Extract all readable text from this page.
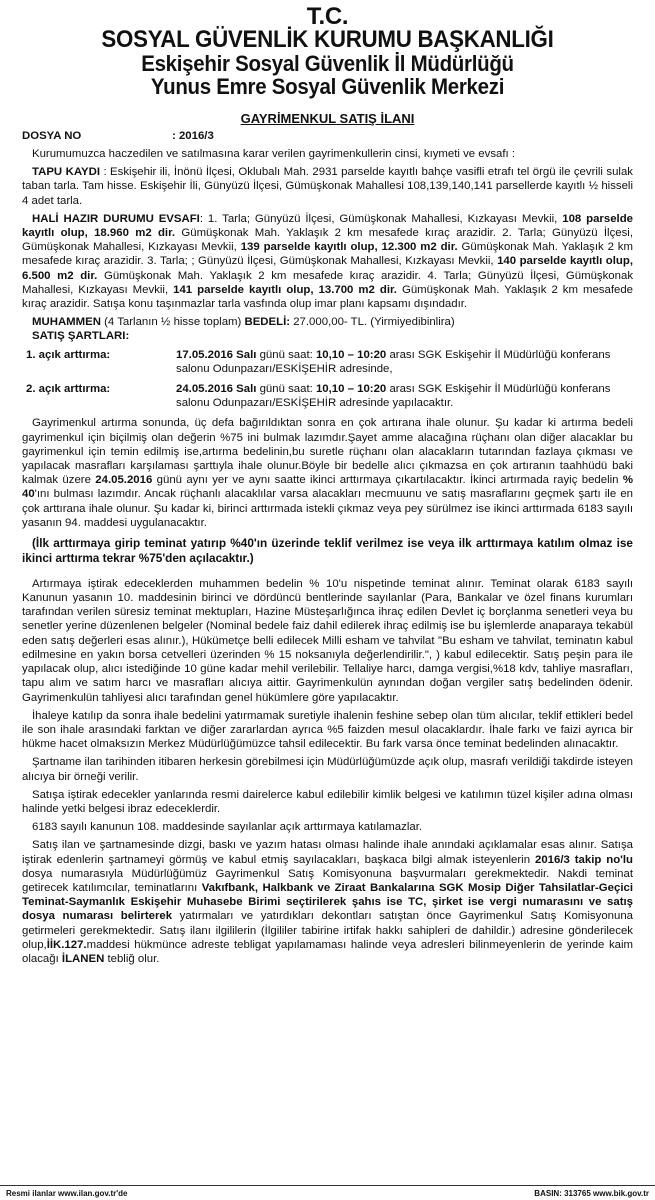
T.C.
SOSYAL GÜVENLİK KURUMU BAŞKANLIĞI
Eskişehir Sosyal Güvenlik İl Müdürlüğü
Yunus Emre Sosyal Güvenlik Merkezi
GAYRİMENKUL SATIŞ İLANI
DOSYA NO	: 2016/3

Kurumumuzca haczedilen ve satılmasına karar verilen gayrimenkullerin cinsi, kıymeti ve evsafı :

TAPU KAYDI : Eskişehir ili, İnönü İlçesi, Oklubalı Mah. 2931 parselde kayıtlı bahçe vasifli etrafı tel örgü ile çevrili sulak taban tarla. Tam hisse. Eskişehir İli, Günyüzü İlçesi, Gümüşkonak Mahallesi 108,139,140,141 parsellerde kayıtlı ½ hisseli 4 adet tarla.

HALİ HAZIR DURUMU EVSAFI: 1. Tarla; Günyüzü İlçesi, Gümüşkonak Mahallesi, Kızkayası Mevkii, 108 parselde kayıtlı olup, 18.960 m2 dir. Gümüşkonak Mah. Yaklaşık 2 km mesafede kıraç arazidir. 2. Tarla; Günyüzü İlçesi, Gümüşkonak Mahallesi, Kızkayası Mevkii, 139 parselde kayıtlı olup, 12.300 m2 dir. Gümüşkonak Mah. Yaklaşık 2 km mesafede kıraç arazidir. 3. Tarla; ; Günyüzü İlçesi, Gümüşkonak Mahallesi, Kızkayası Mevkii, 140 parselde kayıtlı olup, 6.500 m2 dir. Gümüşkonak Mah. Yaklaşık 2 km mesafede kıraç arazidir. 4. Tarla; Günyüzü İlçesi, Gümüşkonak Mahallesi, Kızkayası Mevkii, 141 parselde kayıtlı olup, 13.700 m2 dir. Gümüşkonak Mah. Yaklaşık 2 km mesafede kıraç arazidir. Satışa konu taşınmazlar tarla vasfında olup imar planı kapsamı dışındadır.

MUHAMMEN (4 Tarlanın ½ hisse toplam) BEDELİ: 27.000,00- TL. (Yirmiyedibinlira)

SATIŞ ŞARTLARI:

1. açık arttırma:	17.05.2016 Salı günü saat: 10,10 – 10:20 arası SGK Eskişehir İl Müdürlüğü konferans salonu Odunpazarı/ESKİŞEHİR adresinde,
2. açık arttırma:	24.05.2016 Salı günü saat: 10,10 – 10:20 arası SGK Eskişehir İl Müdürlüğü konferans salonu Odunpazarı/ESKİŞEHİR adresinde yapılacaktır.

Gayrimenkul artırma sonunda, üç defa bağırıldıktan sonra en çok artırana ihale olunur. Şu kadar ki artırma bedeli gayrimenkul için biçilmiş olan değerin %75 ini bulmak lazımdır.Şayet amme alacağına rüçhanı olan diğer alacaklar bu gayrimenkul için temin edilmiş ise,artırma bedelinin,bu suretle rüçhanı olan alacakların tutarından fazlaya çıkması ve yapılacak masrafları karşılaması şarttıyla ihale olunur.Böyle bir bedelle alıcı çıkmazsa en çok artıranın taahhüdü baki kalmak üzere 24.05.2016 günü aynı yer ve aynı saatte ikinci arttırmaya çıkartılacaktır. İkinci artırmada rayiç bedelin % 40'ını bulması lazımdır. Ancak rüçhanlı alacaklılar varsa alacakları mecmuunu ve satış masraflarını geçmek şartı ile en çok arttırana ihale olunur. Şu kadar ki, birinci arttırmada istekli çıkmaz veya pey sürülmez ise ikinci arttırmada 6183 sayılı yasanın 94. maddesi uygulanacaktır.

(İlk arttırmaya girip teminat yatırıp %40'ın üzerinde teklif verilmez ise veya ilk arttırmaya katılım olmaz ise ikinci arttırma tekrar %75'den açılacaktır.)

Artırmaya iştirak edeceklerden muhammen bedelin % 10'u nispetinde teminat alınır. Teminat olarak 6183 sayılı Kanunun yasanın 10. maddesinin birinci ve dördüncü bentlerinde sayılanlar (Para, Bankalar ve özel finans kurumları tarafından verilen süresiz teminat mektupları, Hazine Müsteşarlığınca ihraç edilen Devlet iç borçlanma senetleri veya bu senetler yerine düzenlenen belgeler (Nominal bedele faiz dahil edilerek ihraç edilmiş ise bu işlemlerde anaparaya tekabül eden satış değerleri esas alınır.), Hükümetçe belli edilecek Milli esham ve tahvilat "Bu esham ve tahvilat, teminatın kabul edilmesine en yakın borsa cetvelleri üzerinden % 15 noksanıyla değerlendirilir.", ) kabul edilecektir. Satış peşin para ile yapılacak olup, alıcı istediğinde 10 güne kadar mehil verilebilir. Tellaliye harcı, damga vergisi,%18 kdv, tahliye masrafları, tapu alım ve satım harcı ve masrafları alıcıya aittir. Gayrimenkulün aynından doğan vergiler satış bedelinden ödenir. Gayrimenkulün tahliyesi alıcı tarafından genel hükümlere göre yapılacaktır.

İhaleye katılıp da sonra ihale bedelini yatırmamak suretiyle ihalenin feshine sebep olan tüm alıcılar, teklif ettikleri bedel ile son ihale arasındaki farktan ve diğer zararlardan ayrıca %5 faizden mesul olacaklardır. İhale farkı ve faizi ayrıca bir hükme hacet olmaksızın Merkez Müdürlüğümüzce tahsil edilecektir. Bu fark varsa önce teminat bedelinden alınacaktır.

Şartname ilan tarihinden itibaren herkesin görebilmesi için Müdürlüğümüzde açık olup, masrafı verildiği takdirde isteyen alıcıya bir örneği verilir.

Satışa iştirak edecekler yanlarında resmi dairelerce kabul edilebilir kimlik belgesi ve katılımın tüzel kişiler adına olması halinde yetki belgesi ibraz edeceklerdir.

6183 sayılı kanunun 108. maddesinde sayılanlar açık arttırmaya katılamazlar.

Satış ilan ve şartnamesinde dizgi, baskı ve yazım hatası olması halinde ihale anındaki açıklamalar esas alınır. Satışa iştirak edenlerin şartnameyi görmüş ve kabul etmiş sayılacakları, başkaca bilgi almak isteyenlerin 2016/3 takip no'lu dosya numarasıyla Müdürlüğümüz Gayrimenkul Satış Komisyonuna başvurmaları gerekmektedir. Nakdi teminat getirecek katılımcılar, teminatlarını Vakıfbank, Halkbank ve Ziraat Bankalarına SGK Mosip Diğer Tahsilatlar-Geçici Teminat-Saymanlık Eskişehir Muhasebe Birimi seçtirilerek şahıs ise TC, şirket ise vergi numarasını ve satış dosya numarası belirterek yatırmaları ve yatırdıkları dekontları satıştan önce Gayrimenkul Satış Komisyonuna getirmeleri gerekmektedir. Satış ilanı ilgililerin (İlgililer tabirine irtifak hakkı sahipleri de dahildir.) adresine gönderilecek olup,İİK.127.maddesi hükmünce adreste tebligat yapılamaması halinde veya adresleri bilinmeyenlerin de yerinde kaim olacağı İLANEN tebliğ olur.

Resmi ilanlar www.ilan.gov.tr'de	BASIN: 313765 www.bik.gov.tr
